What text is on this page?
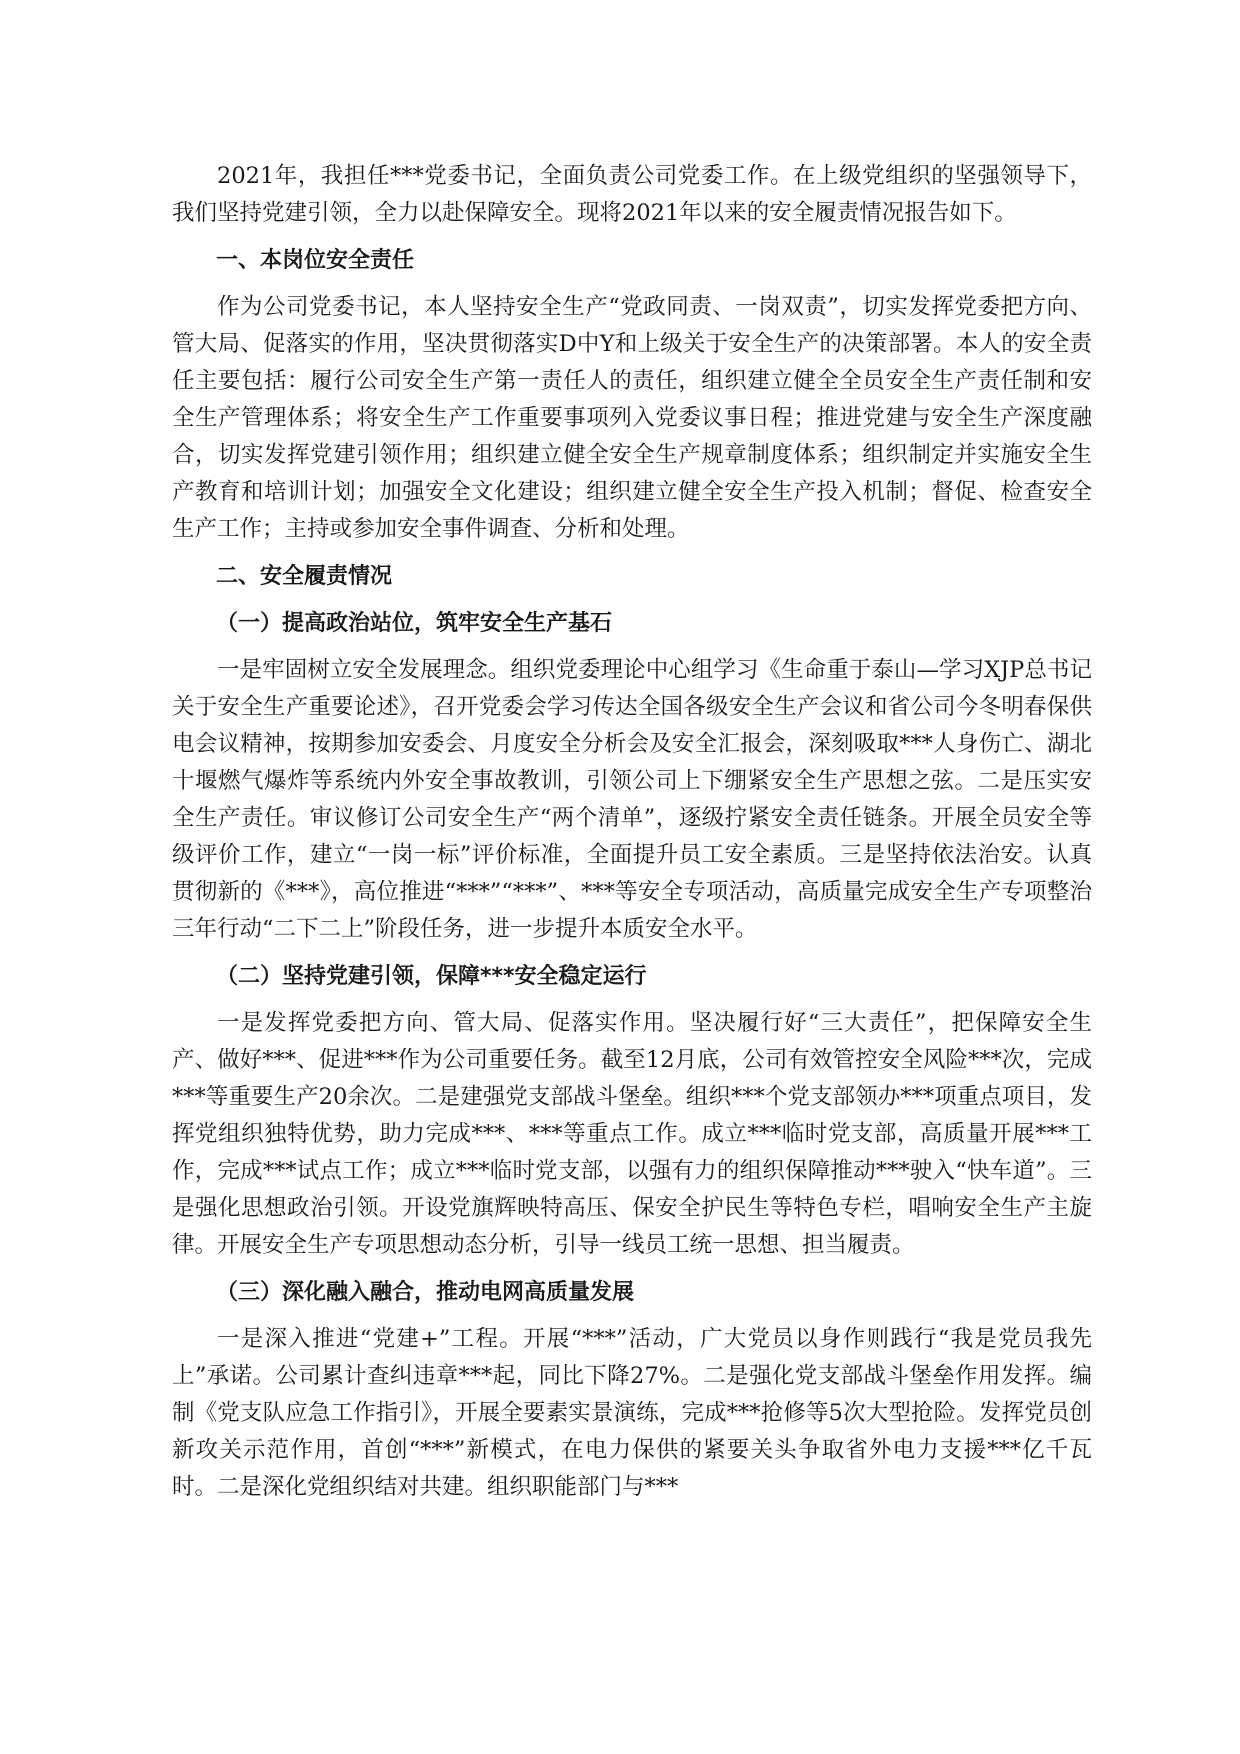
2021年，我担任***党委书记，全面负责公司党委工作。在上级党组织的坚强领导下，我们坚持党建引领，全力以赴保障安全。现将2021年以来的安全履责情况报告如下。

一、本岗位安全责任

作为公司党委书记，本人坚持安全生产“党政同责、一岗双责”，切实发挥党委把方向、管大局、促落实的作用，坚决贯彻落实D中Y和上级关于安全生产的决策部署。本人的安全责任主要包括：履行公司安全生产第一责任人的责任，组织建立健全全员安全生产责任制和安全生产管理体系；将安全生产工作重要事项列入党委议事日程；推进党建与安全生产深度融合，切实发挥党建引领作用；组织建立健全安全生产规章制度体系；组织制定并实施安全生产教育和培训计划；加强安全文化建设；组织建立健全安全生产投入机制；督促、检查安全生产工作；主持或参加安全事件调查、分析和处理。

二、安全履责情况

（一）提高政治站位，筑牢安全生产基石

一是牢固树立安全发展理念。组织党委理论中心组学习《生命重于泰山—学习XJP总书记关于安全生产重要论述》，召开党委会学习传达全国各级安全生产会议和省公司今冬明春保供电会议精神，按期参加安委会、月度安全分析会及安全汇报会，深刻吸取***人身伤亡、湖北十堰燃气爆炸等系统内外安全事故教训，引领公司上下绷紧安全生产思想之弦。二是压实安全生产责任。审议修订公司安全生产“两个清单”，逐级拧紧安全责任链条。开展全员安全等级评价工作，建立“一岗一标”评价标准，全面提升员工安全素质。三是坚持依法治安。认真贯彻新的《***》，高位推进“***”“***”、***等安全专项活动，高质量完成安全生产专项整治三年行动“二下二上”阶段任务，进一步提升本质安全水平。

（二）坚持党建引领，保障***安全稳定运行

一是发挥党委把方向、管大局、促落实作用。坚决履行好“三大责任”，把保障安全生产、做好***、促进***作为公司重要任务。截至12月底，公司有效管控安全风险***次，完成***等重要生产20余次。二是建强党支部战斗堡垒。组织***个党支部领办***项重点项目，发挥党组织独特优势，助力完成***、***等重点工作。成立***临时党支部，高质量开展***工作，完成***试点工作；成立***临时党支部，以强有力的组织保障推动***驶入“快车道”。三是强化思想政治引领。开设党旗辉映特高压、保安全护民生等特色专栏，唱响安全生产主旋律。开展安全生产专项思想动态分析，引导一线员工统一思想、担当履责。

（三）深化融入融合，推动电网高质量发展

一是深入推进“党建+”工程。开展“***”活动，广大党员以身作则践行“我是党员我先上”承诺。公司累计查纠违章***起，同比下降27%。二是强化党支部战斗堡垒作用发挥。编制《党支队应急工作指引》，开展全要素实景演练，完成***抢修等5次大型抢险。发挥党员创新攻关示范作用，首创“***”新模式，在电力保供的紧要关头争取省外电力支援***亿千瓦时。二是深化党组织结对共建。组织职能部门与***
